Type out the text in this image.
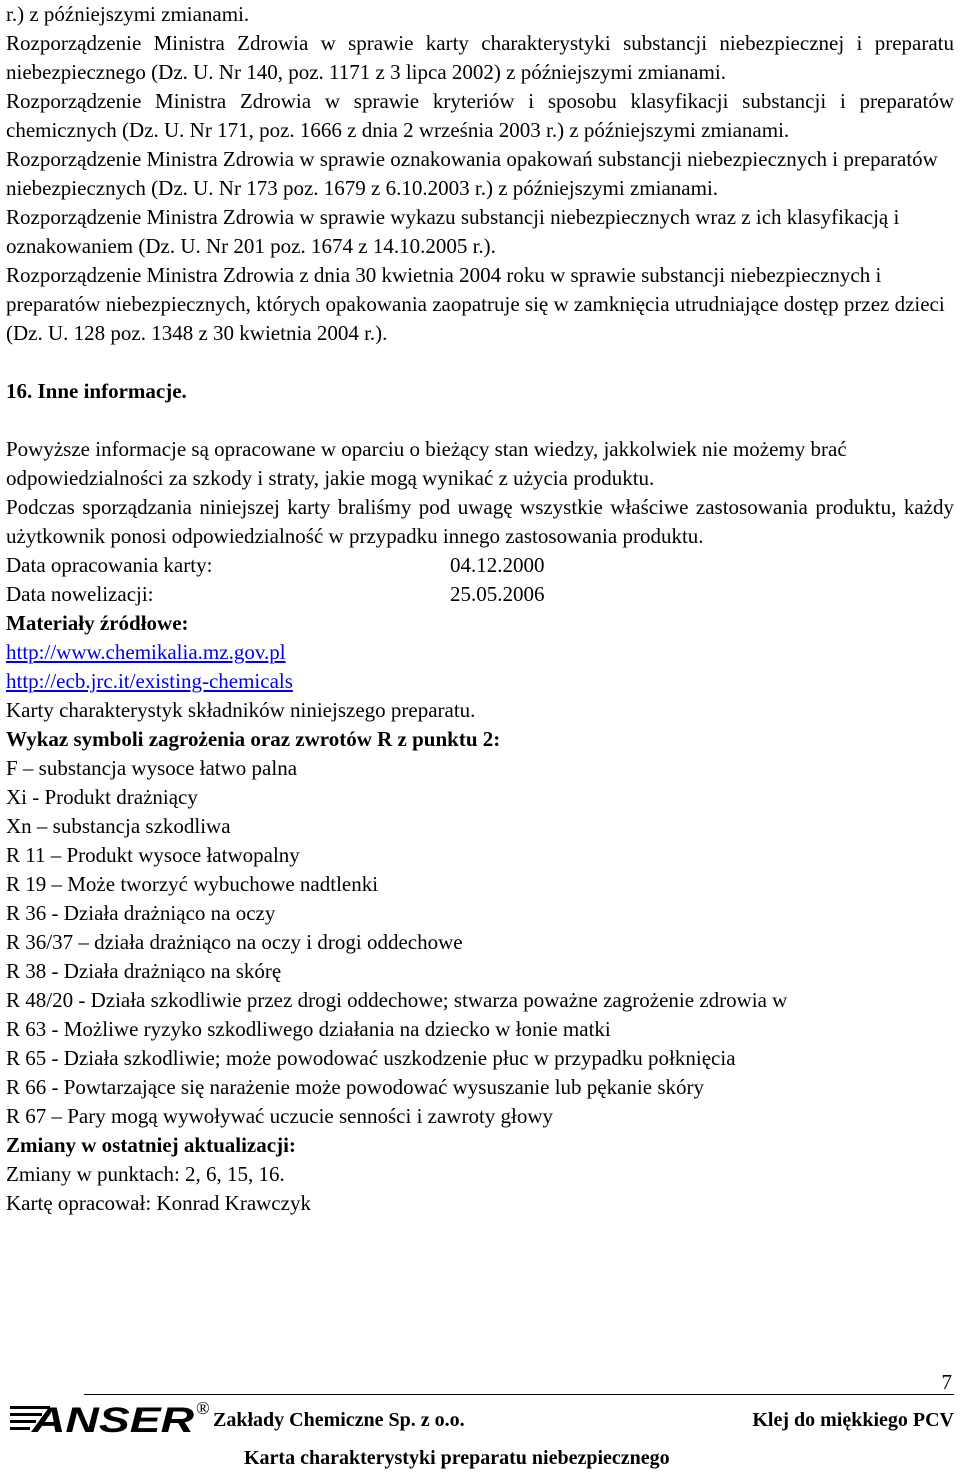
r.) z późniejszymi zmianami.

Rozporządzenie Ministra Zdrowia w sprawie karty charakterystyki substancji niebezpiecznej i preparatu niebezpiecznego (Dz. U. Nr 140, poz. 1171 z 3 lipca 2002) z późniejszymi zmianami.

Rozporządzenie Ministra Zdrowia w sprawie kryteriów i sposobu klasyfikacji substancji i preparatów chemicznych (Dz. U. Nr 171, poz. 1666 z dnia 2 września 2003 r.) z późniejszymi zmianami.

Rozporządzenie Ministra Zdrowia w sprawie oznakowania opakowań substancji niebezpiecznych i preparatów niebezpiecznych (Dz. U. Nr 173 poz. 1679 z 6.10.2003 r.) z późniejszymi zmianami.

Rozporządzenie Ministra Zdrowia w sprawie wykazu substancji niebezpiecznych wraz z ich klasyfikacją i oznakowaniem (Dz. U. Nr 201 poz. 1674 z 14.10.2005 r.).

Rozporządzenie Ministra Zdrowia z dnia 30 kwietnia 2004 roku w sprawie substancji niebezpiecznych i preparatów niebezpiecznych, których opakowania zaopatruje się w zamknięcia utrudniające dostęp przez dzieci (Dz. U. 128 poz. 1348 z 30 kwietnia 2004 r.).

16. Inne informacje.

Powyższe informacje są opracowane w oparciu o bieżący stan wiedzy, jakkolwiek nie możemy brać odpowiedzialności za szkody i straty, jakie mogą wynikać z użycia produktu.

Podczas sporządzania niniejszej karty braliśmy pod uwagę wszystkie właściwe zastosowania produktu, każdy użytkownik ponosi odpowiedzialność w przypadku innego zastosowania produktu.

Data opracowania karty:	04.12.2000
Data nowelizacji:	25.05.2006

Materiały źródłowe:

http://www.chemikalia.mz.gov.pl

http://ecb.jrc.it/existing-chemicals

Karty charakterystyk składników niniejszego preparatu.

Wykaz symboli zagrożenia oraz zwrotów R z punktu 2:

F – substancja wysoce łatwo palna

Xi - Produkt drażniący

Xn – substancja szkodliwa

R 11 – Produkt wysoce łatwopalny

R 19 – Może tworzyć wybuchowe nadtlenki

R 36 - Działa drażniąco na oczy

R 36/37 – działa drażniąco na oczy i drogi oddechowe

R 38 - Działa drażniąco na skórę

R 48/20 - Działa szkodliwie przez drogi oddechowe; stwarza poważne zagrożenie zdrowia w

R 63 - Możliwe ryzyko szkodliwego działania na dziecko w łonie matki

R 65 - Działa szkodliwie; może powodować uszkodzenie płuc w przypadku połknięcia

R 66 - Powtarzające się narażenie może powodować wysuszanie lub pękanie skóry

R 67 – Pary mogą wywoływać uczucie senności i zawroty głowy

Zmiany w ostatniej aktualizacji:

Zmiany w punktach: 2, 6, 15, 16.

Kartę opracował: Konrad Krawczyk

7
ANSER ®
Zakłady Chemiczne Sp. z o.o.	Klej do miękkiego PCV
Karta charakterystyki preparatu niebezpiecznego
